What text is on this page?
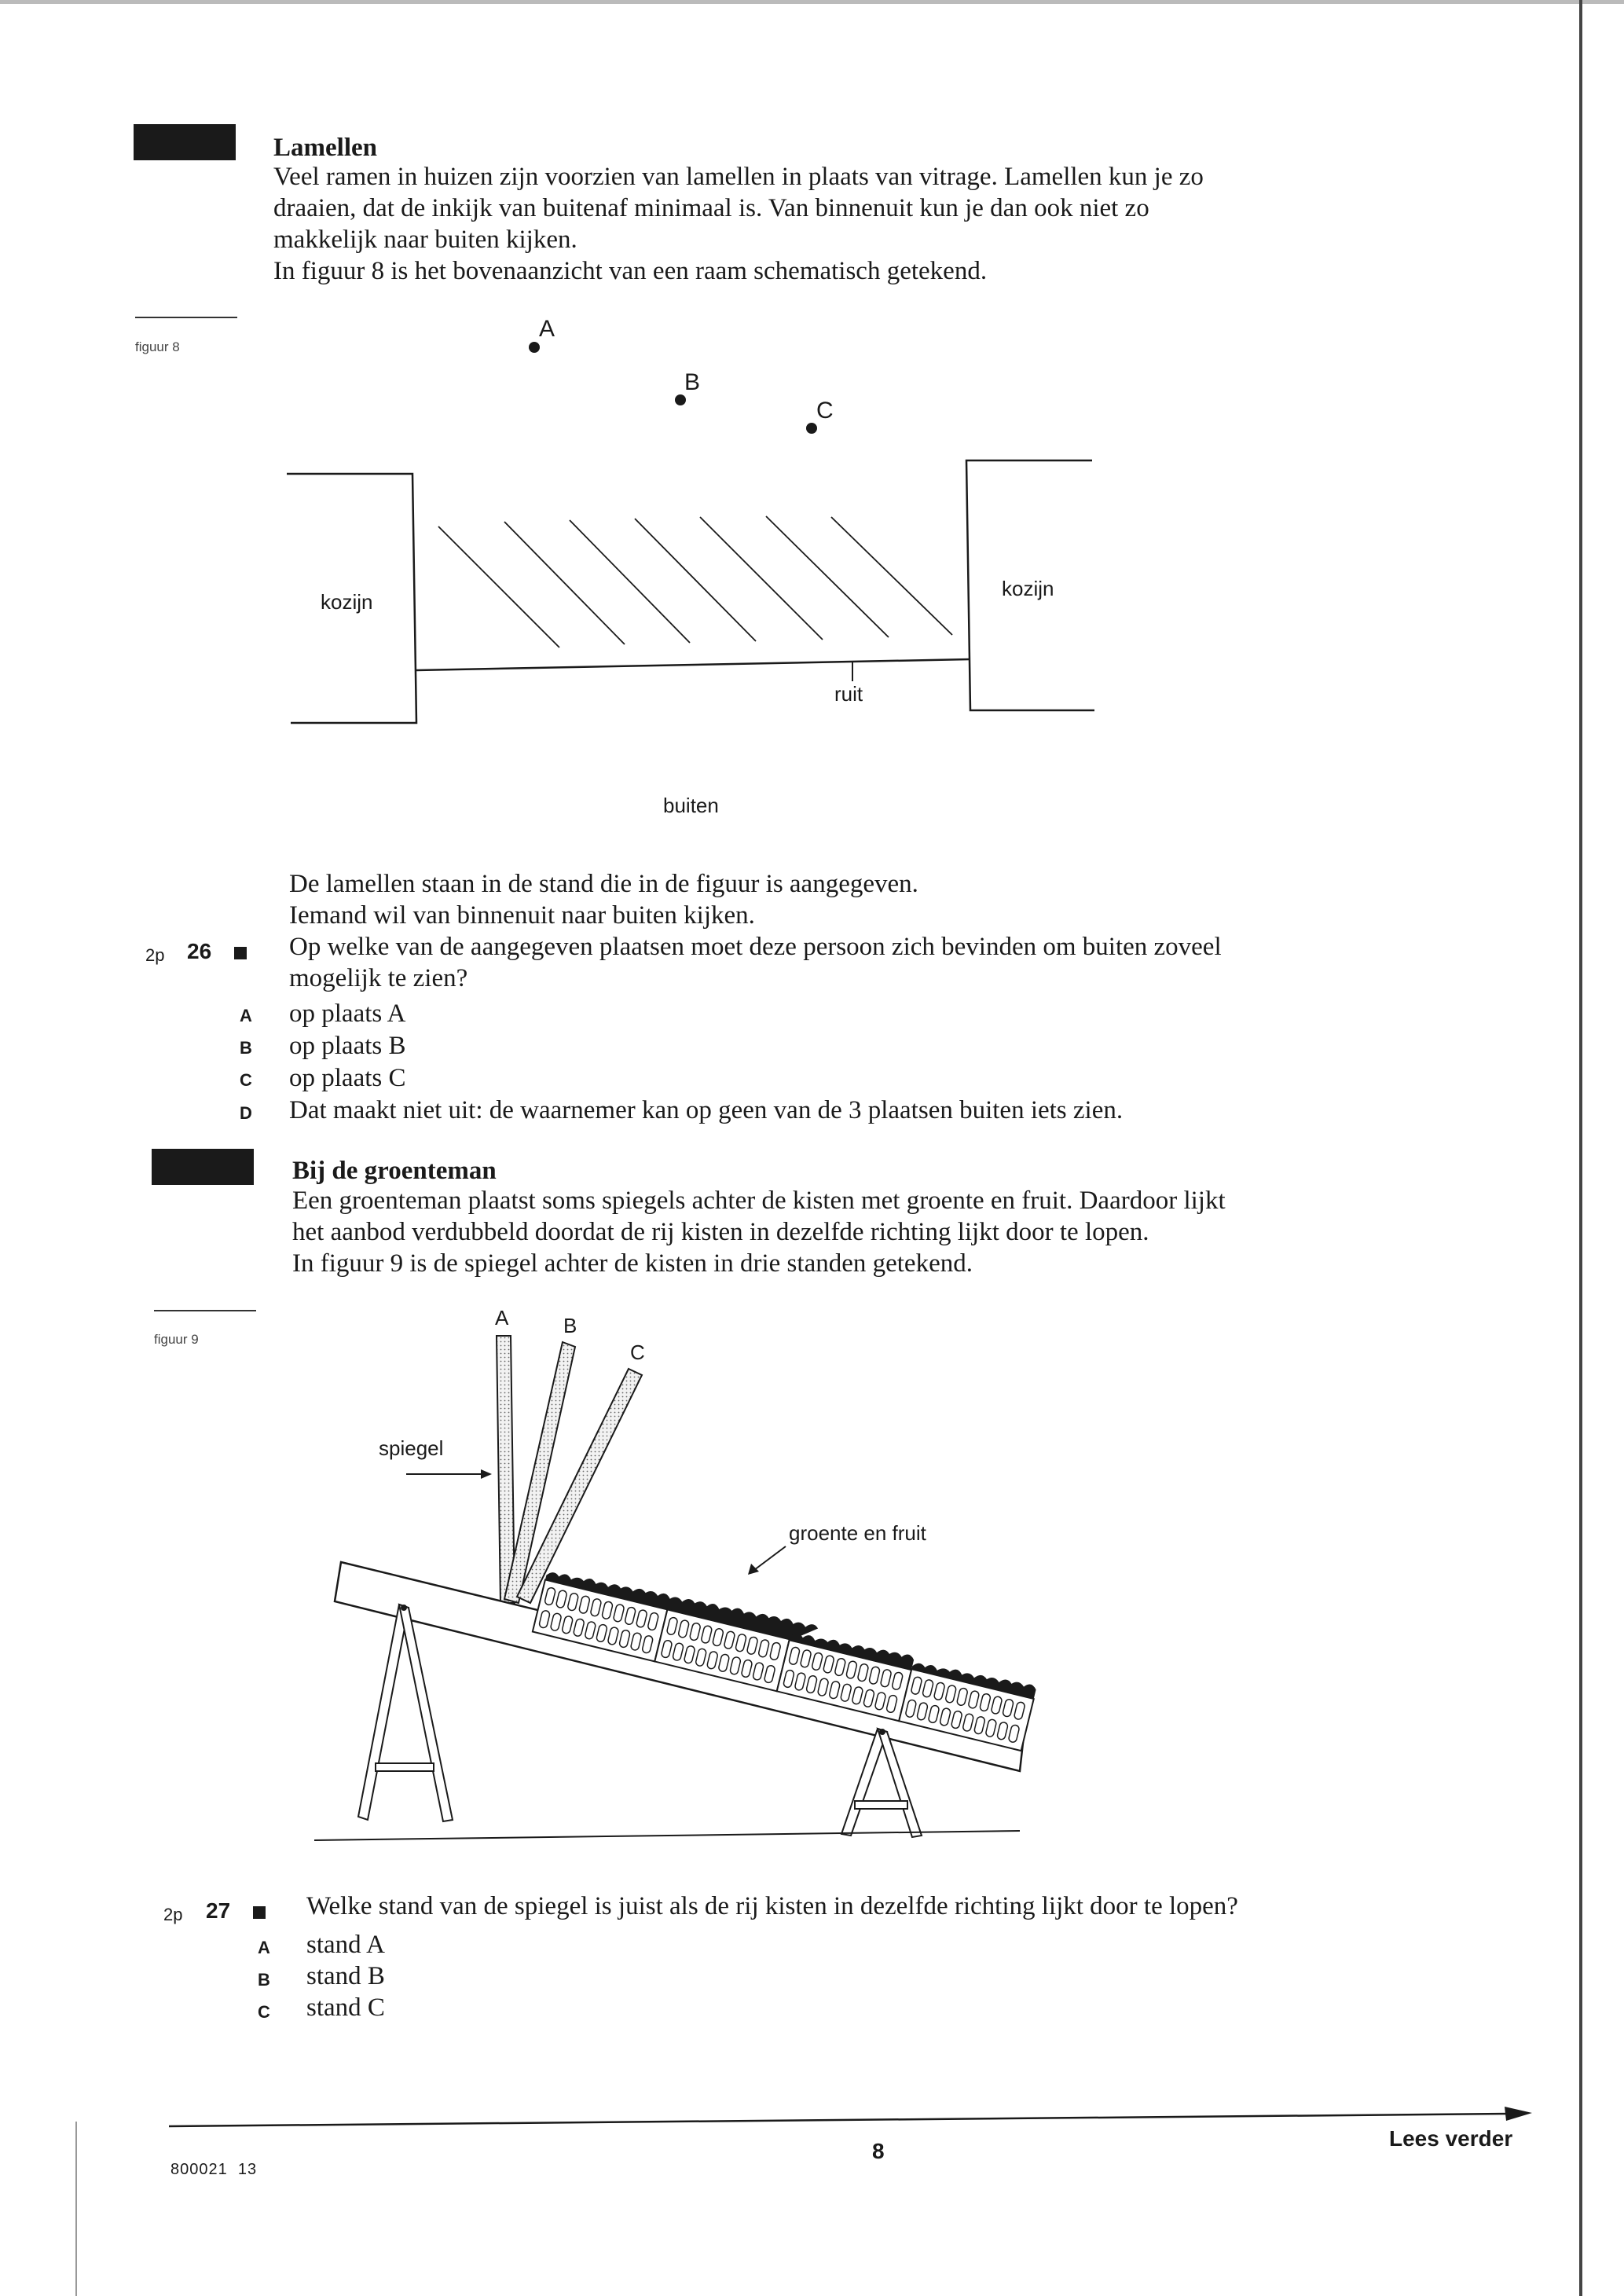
Lamellen
Veel ramen in huizen zijn voorzien van lamellen in plaats van vitrage. Lamellen kun je zo
draaien, dat de inkijk van buitenaf minimaal is. Van binnenuit kun je dan ook niet zo
makkelijk naar buiten kijken.
In figuur 8 is het bovenaanzicht van een raam schematisch getekend.
figuur 8
A
B
C
kozijn
kozijn
ruit
buiten
De lamellen staan in de stand die in de figuur is aangegeven.
Iemand wil van binnenuit naar buiten kijken.
2p 26	Op welke van de aangegeven plaatsen moet deze persoon zich bevinden om buiten zoveel
mogelijk te zien?
A op plaats A
B op plaats B
C op plaats C
D Dat maakt niet uit: de waarnemer kan op geen van de 3 plaatsen buiten iets zien.
Bij de groenteman
Een groenteman plaatst soms spiegels achter de kisten met groente en fruit. Daardoor lijkt
het aanbod verdubbeld doordat de rij kisten in dezelfde richting lijkt door te lopen.
In figuur 9 is de spiegel achter de kisten in drie standen getekend.
figuur 9
A	B
C
spiegel
groente en fruit
2p 27	Welke stand van de spiegel is juist als de rij kisten in dezelfde richting lijkt door te lopen?
A stand A
B stand B
C stand C
8
Lees verder
800021  13
